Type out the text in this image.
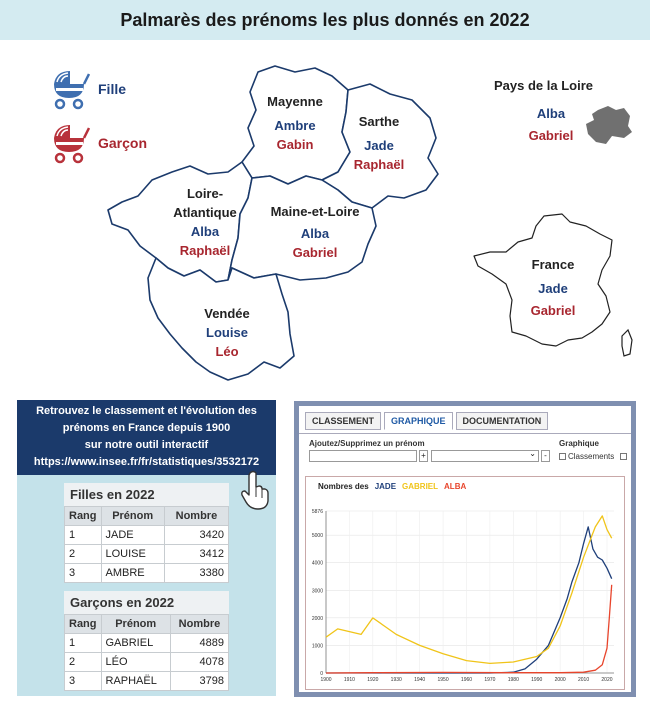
Palmarès des prénoms les plus donnés en 2022
Fille
Garçon
Mayenne
Ambre
Gabin
Sarthe
Jade
Raphaël
Loire-
Atlantique
Alba
Raphaël
Maine-et-Loire
Alba
Gabriel
Vendée
Louise
Léo
Pays de la Loire
Alba
Gabriel
France
Jade
Gabriel
Retrouvez le classement et l'évolution des
prénoms en France depuis 1900
sur notre outil interactif
https://www.insee.fr/fr/statistiques/3532172
Filles en 2022
Rang	Prénom	Nombre
1	JADE	3420
2	LOUISE	3412
3	AMBRE	3380
Garçons en 2022
Rang	Prénom	Nombre
1	GABRIEL	4889
2	LÉO	4078
3	RAPHAËL	3798
CLASSEMENT	GRAPHIQUE	DOCUMENTATION
Ajoutez/Supprimez un prénom
+	⌄	-
Graphique
Classements
Nombres des JADE GABRIEL ALBA
0
1000
2000
3000
4000
5000
5876
1900 1910 1920 1930 1940 1950 1960 1970 1980 1990 2000 2010 2020
